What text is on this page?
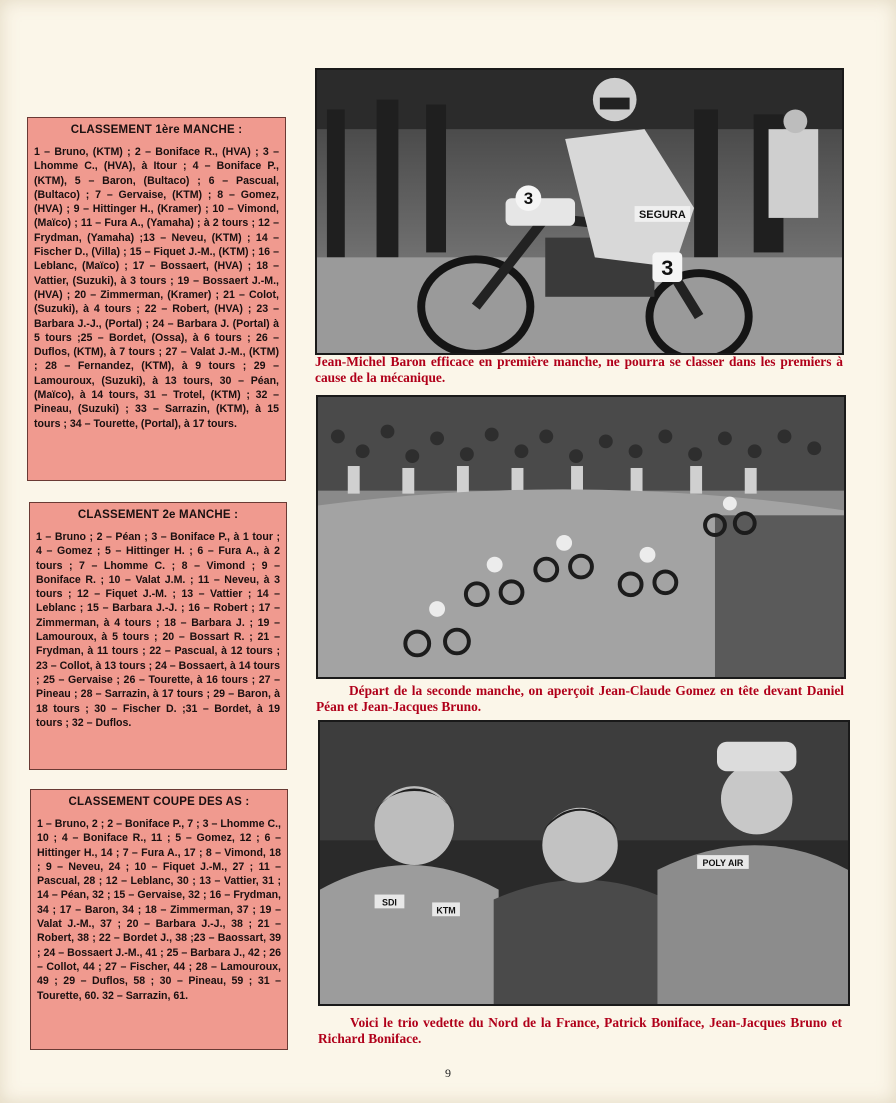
CLASSEMENT 1ère MANCHE :

1 – Bruno, (KTM) ; 2 – Boniface R., (HVA) ; 3 – Lhomme C., (HVA), à Itour ; 4 – Boniface P., (KTM), 5 – Baron, (Bultaco) ; 6 – Pascual, (Bultaco) ; 7 – Gervaise, (KTM) ; 8 – Gomez, (HVA) ; 9 – Hittinger H., (Kramer) ; 10 – Vimond, (Maïco) ; 11 – Fura A., (Yamaha) ; à 2 tours ; 12 – Frydman, (Yamaha) ;13 – Neveu, (KTM) ; 14 – Fischer D., (Villa) ; 15 – Fiquet J.-M., (KTM) ; 16 – Leblanc, (Maïco) ; 17 – Bossaert, (HVA) ; 18 – Vattier, (Suzuki), à 3 tours ; 19 – Bossaert J.-M., (HVA) ; 20 – Zimmerman, (Kramer) ; 21 – Colot, (Suzuki), à 4 tours ; 22 – Robert, (HVA) ; 23 – Barbara J.-J., (Portal) ; 24 – Barbara J. (Portal) à 5 tours ;25 – Bordet, (Ossa), à 6 tours ; 26 – Duflos, (KTM), à 7 tours ; 27 – Valat J.-M., (KTM) ; 28 – Fernandez, (KTM), à 9 tours ; 29 – Lamouroux, (Suzuki), à 13 tours, 30 – Péan, (Maïco), à 14 tours, 31 – Trotel, (KTM) ; 32 – Pineau, (Suzuki) ; 33 – Sarrazin, (KTM), à 15 tours ; 34 – Tourette, (Portal), à 17 tours.

CLASSEMENT 2e MANCHE :

1 – Bruno ; 2 – Péan ; 3 – Boniface P., à 1 tour ; 4 – Gomez ; 5 – Hittinger H. ; 6 – Fura A., à 2 tours ; 7 – Lhomme C. ; 8 – Vimond ; 9 – Boniface R. ; 10 – Valat J.M. ; 11 – Neveu, à 3 tours ; 12 – Fiquet J.-M. ; 13 – Vattier ; 14 – Leblanc ; 15 – Barbara J.-J. ; 16 – Robert ; 17 – Zimmerman, à 4 tours ; 18 – Barbara J. ; 19 – Lamouroux, à 5 tours ; 20 – Bossart R. ; 21 – Frydman, à 11 tours ; 22 – Pascual, à 12 tours ; 23 – Collot, à 13 tours ; 24 – Bossaert, à 14 tours ; 25 – Gervaise ; 26 – Tourette, à 16 tours ; 27 – Pineau ; 28 – Sarrazin, à 17 tours ; 29 – Baron, à 18 tours ; 30 – Fischer D. ;31 – Bordet, à 19 tours ; 32 – Duflos.

CLASSEMENT COUPE DES AS :

1 – Bruno, 2 ; 2 – Boniface P., 7 ; 3 – Lhomme C., 10 ; 4 – Boniface R., 11 ; 5 – Gomez, 12 ; 6 – Hittinger H., 14 ; 7 – Fura A., 17 ; 8 – Vimond, 18 ; 9 – Neveu, 24 ; 10 – Fiquet J.-M., 27 ; 11 – Pascual, 28 ; 12 – Leblanc, 30 ; 13 – Vattier, 31 ; 14 – Péan, 32 ; 15 – Gervaise, 32 ; 16 – Frydman, 34 ; 17 – Baron, 34 ; 18 – Zimmerman, 37 ; 19 – Valat J.-M., 37 ; 20 – Barbara J.-J., 38 ; 21 – Robert, 38 ; 22 – Bordet J., 38 ;23 – Baossart, 39 ; 24 – Bossaert J.-M., 41 ; 25 – Barbara J., 42 ; 26 – Collot, 44 ; 27 – Fischer, 44 ; 28 – Lamouroux, 49 ; 29 – Duflos, 58 ; 30 – Pineau, 59 ; 31 – Tourette, 60. 32 – Sarrazin, 61.

SEGURA
3
3
Jean-Michel Baron efficace en première manche, ne pourra se classer dans les premiers à cause de la mécanique.
Départ de la seconde manche, on aperçoit Jean-Claude Gomez en tête devant Daniel Péan et Jean-Jacques Bruno.
POLY AIR
SDI
KTM
Voici le trio vedette du Nord de la France, Patrick Boniface, Jean-Jacques Bruno et Richard Boniface.
9
